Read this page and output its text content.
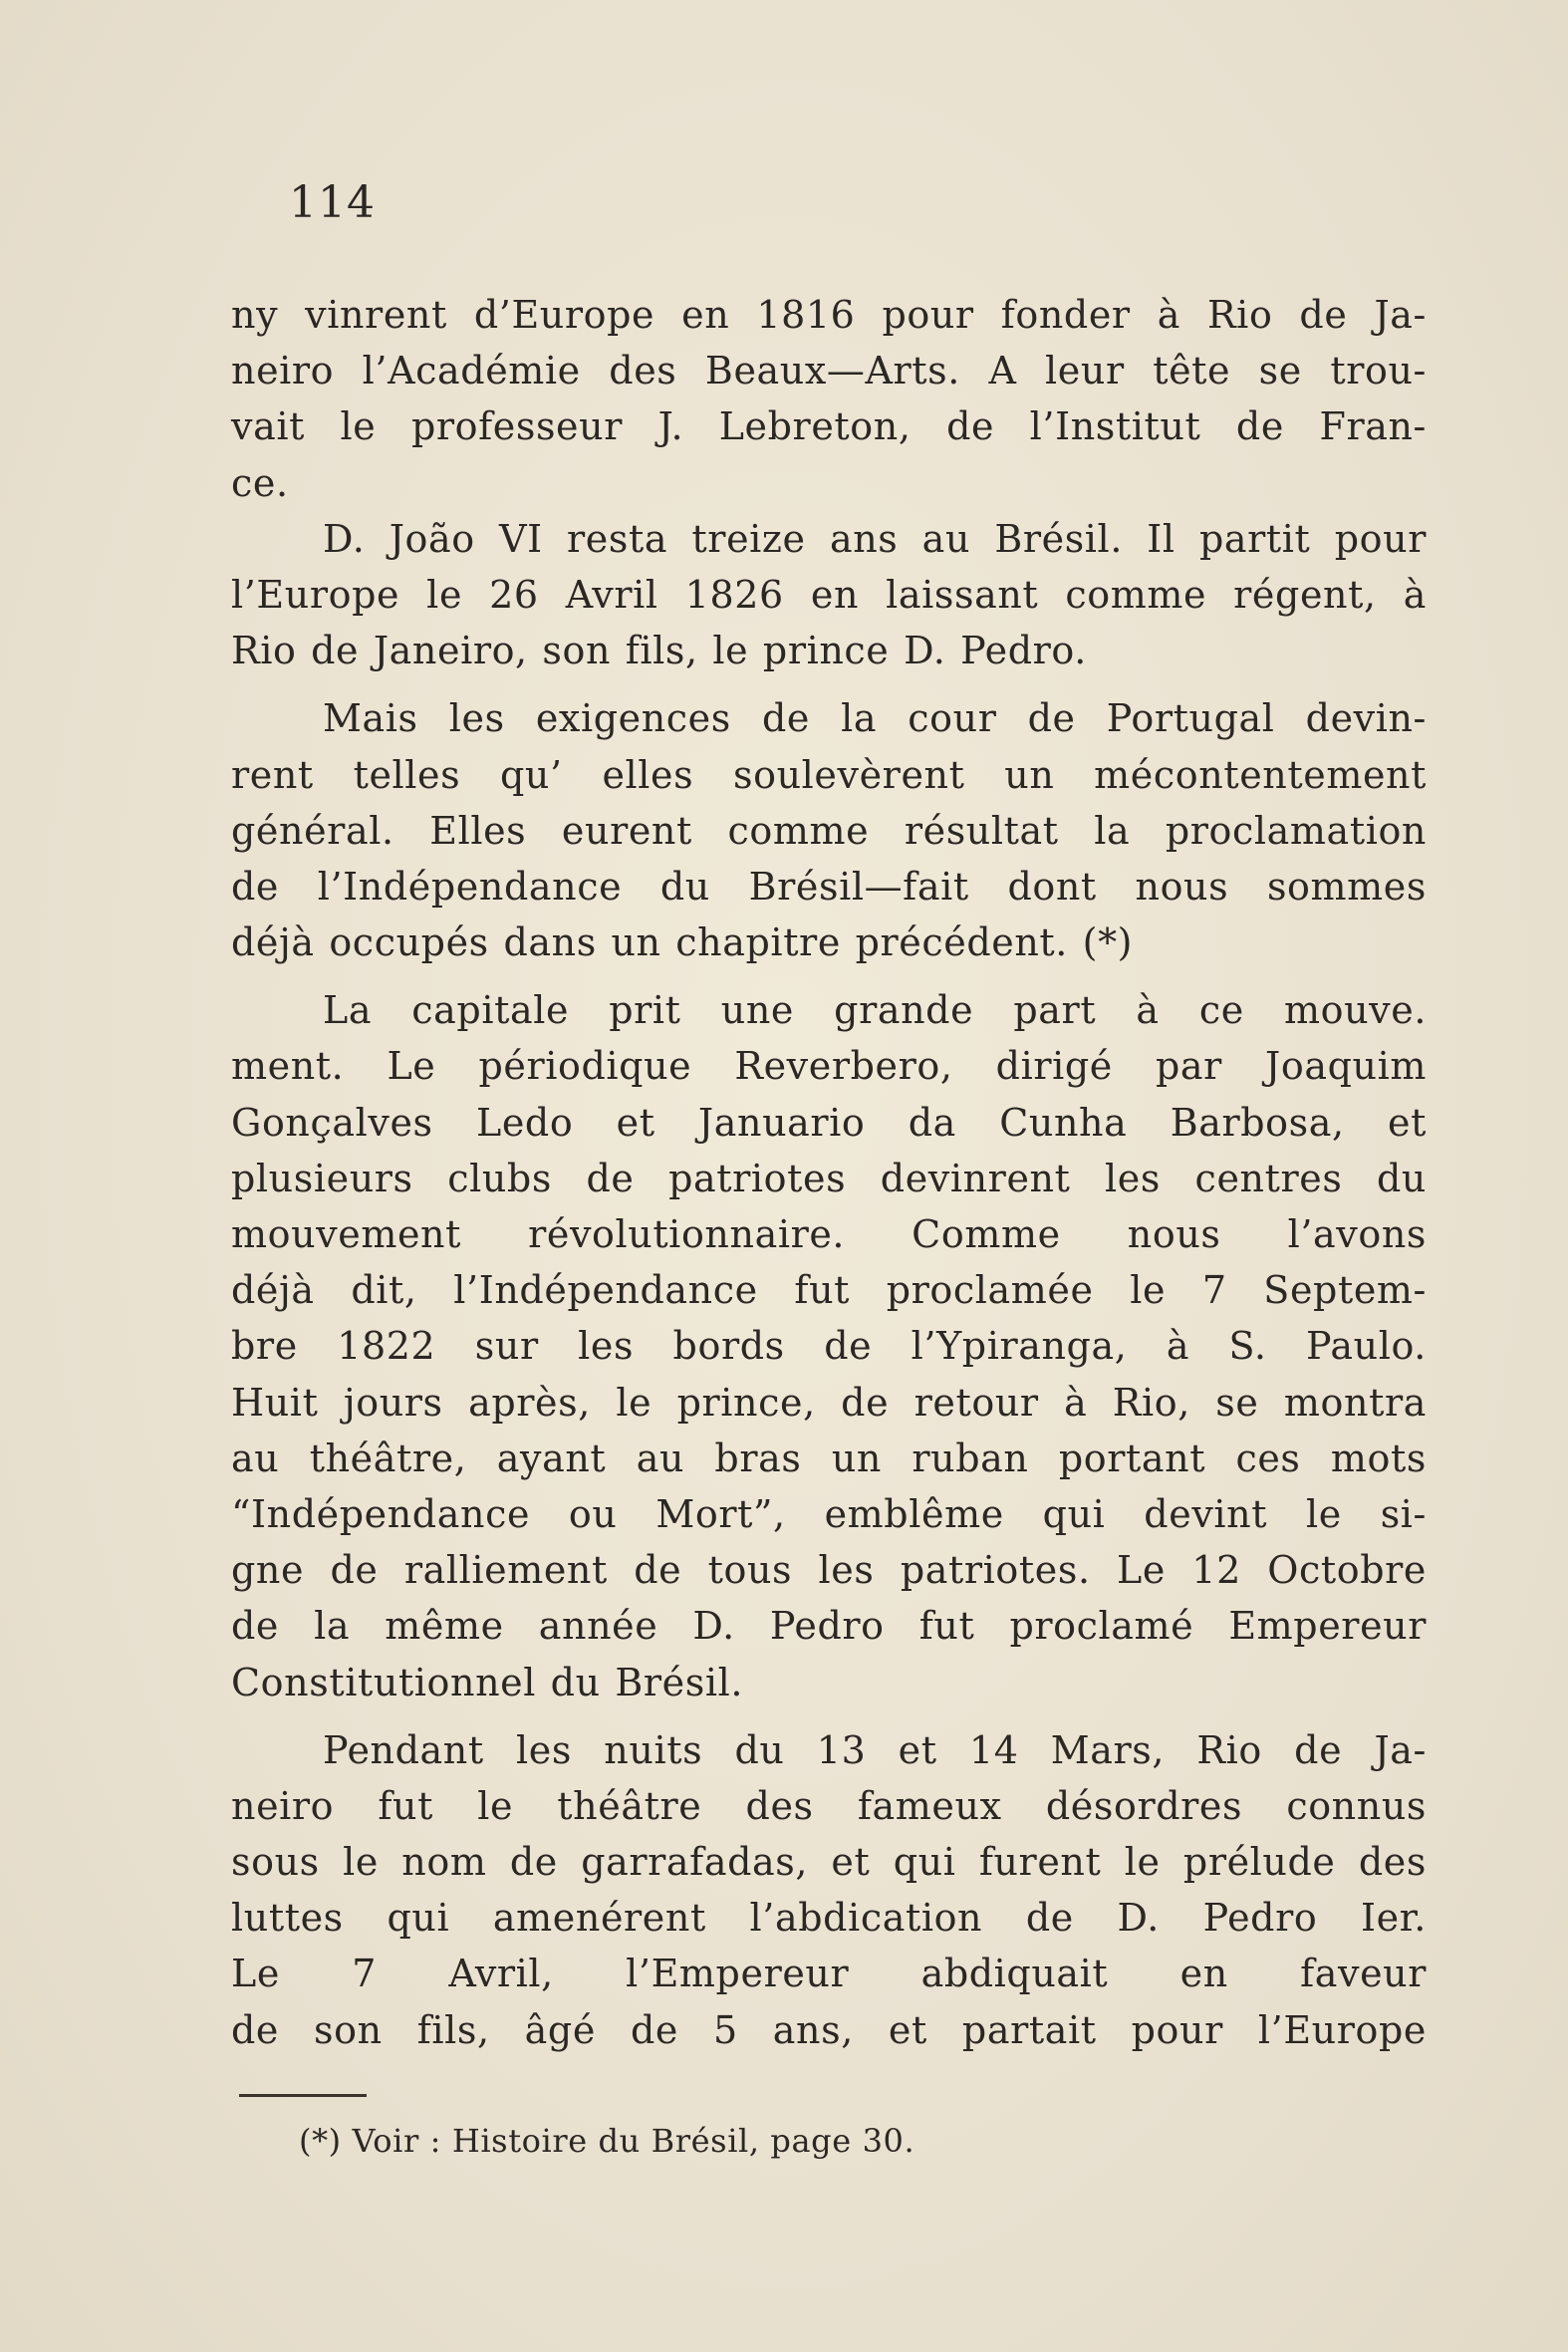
114
ny vinrent d’Europe en 1816 pour fonder à Rio de Ja-
neiro l’Académie des Beaux—Arts. A leur tête se trou-
vait le professeur J. Lebreton, de l’Institut de Fran-
ce.
D. João VI resta treize ans au Brésil. Il partit pour
l’Europe le 26 Avril 1826 en laissant comme régent, à
Rio de Janeiro, son fils, le prince D. Pedro.
Mais les exigences de la cour de Portugal devin-
rent telles qu’ elles soulevèrent un mécontentement
général. Elles eurent comme résultat la proclamation
de l’Indépendance du Brésil—fait dont nous sommes
déjà occupés dans un chapitre précédent. (*)
La capitale prit une grande part à ce mouve.
ment. Le périodique Reverbero, dirigé par Joaquim
Gonçalves Ledo et Januario da Cunha Barbosa, et
plusieurs clubs de patriotes devinrent les centres du
mouvement révolutionnaire. Comme nous l’avons
déjà dit, l’Indépendance fut proclamée le 7 Septem-
bre 1822 sur les bords de l’Ypiranga, à S. Paulo.
Huit jours après, le prince, de retour à Rio, se montra
au théâtre, ayant au bras un ruban portant ces mots
“Indépendance ou Mort”, emblême qui devint le si-
gne de ralliement de tous les patriotes. Le 12 Octobre
de la même année D. Pedro fut proclamé Empereur
Constitutionnel du Brésil.
Pendant les nuits du 13 et 14 Mars, Rio de Ja-
neiro fut le théâtre des fameux désordres connus
sous le nom de garrafadas, et qui furent le prélude des
luttes qui amenérent l’abdication de D. Pedro Ier.
Le 7 Avril, l’Empereur abdiquait en faveur
de son fils, âgé de 5 ans, et partait pour l’Europe
(*) Voir : Histoire du Brésil, page 30.
